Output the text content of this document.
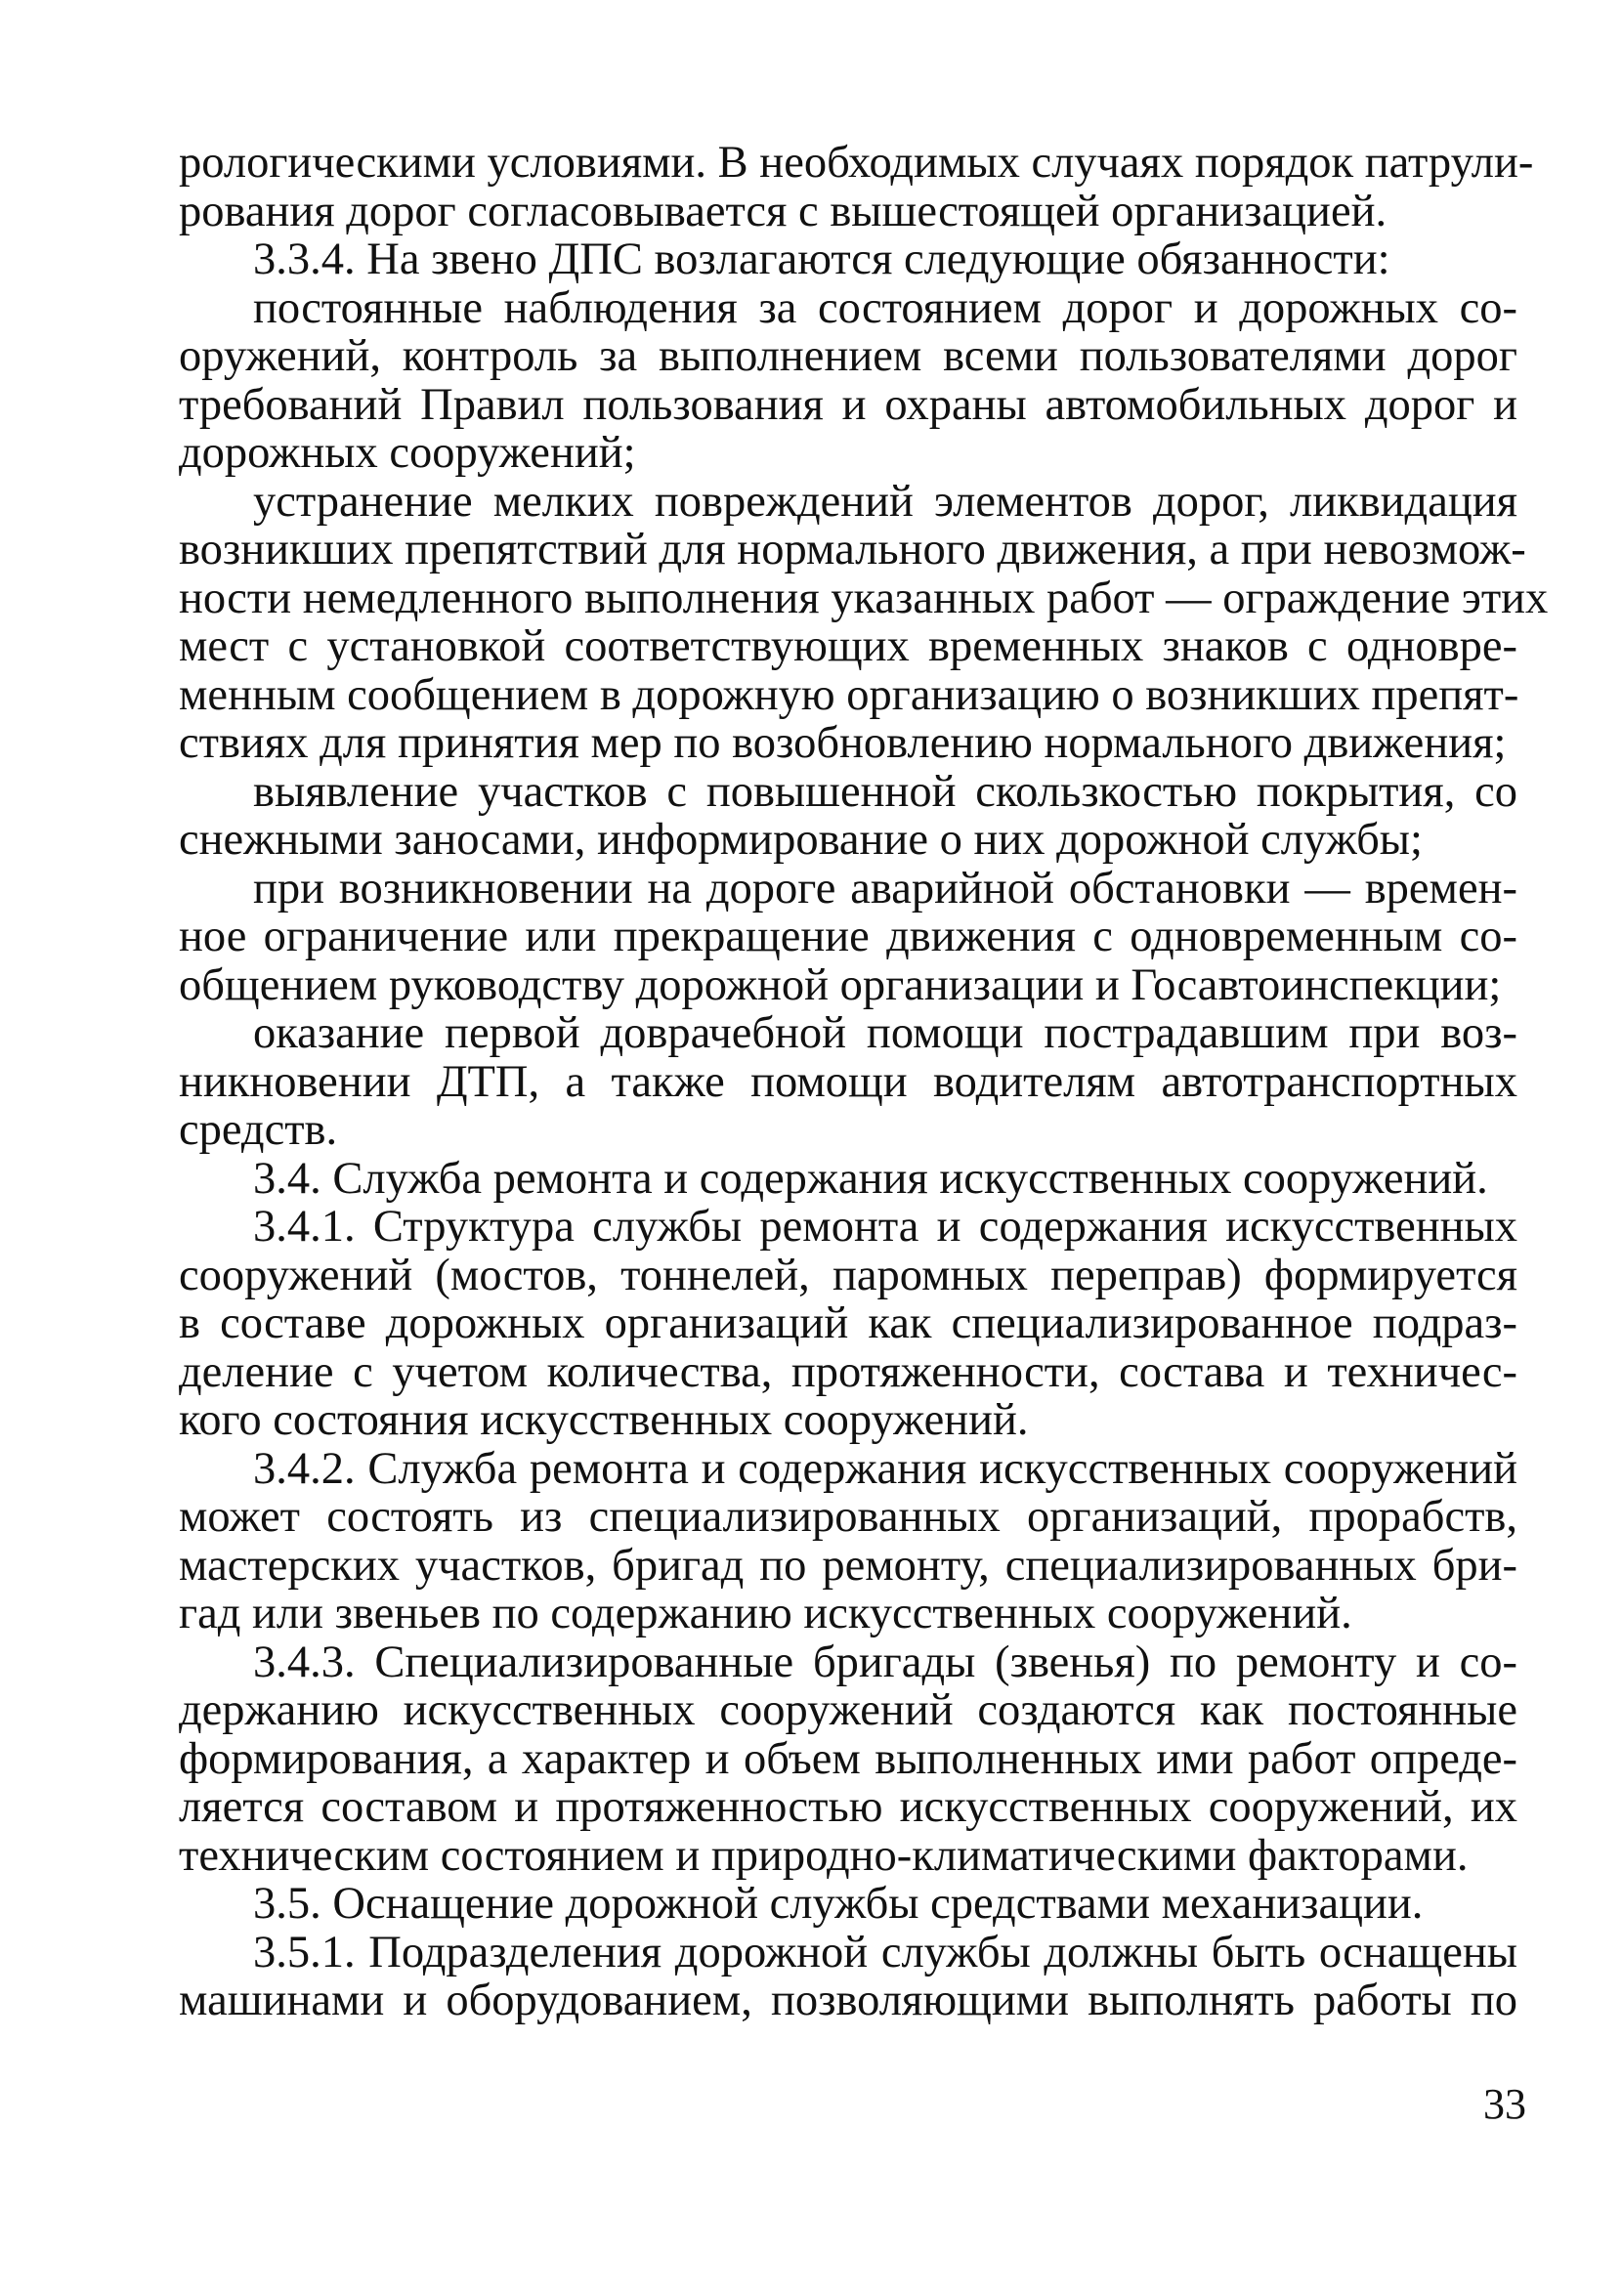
рологическими условиями. В необходимых случаях порядок патрули-
рования дорог согласовывается с вышестоящей организацией.
3.3.4. На звено ДПС возлагаются следующие обязанности:
постоянные наблюдения за состоянием дорог и дорожных со-
оружений, контроль за выполнением всеми пользователями дорог
требований Правил пользования и охраны автомобильных дорог и
дорожных сооружений;
устранение мелких повреждений элементов дорог, ликвидация
возникших препятствий для нормального движения, а при невозмож-
ности немедленного выполнения указанных работ — ограждение этих
мест с установкой соответствующих временных знаков с одновре-
менным сообщением в дорожную организацию о возникших препят-
ствиях для принятия мер по возобновлению нормального движения;
выявление участков с повышенной скользкостью покрытия, со
снежными заносами, информирование о них дорожной службы;
при возникновении на дороге аварийной обстановки — времен-
ное ограничение или прекращение движения с одновременным со-
общением руководству дорожной организации и Госавтоинспекции;
оказание первой доврачебной помощи пострадавшим при воз-
никновении ДТП, а также помощи водителям автотранспортных
средств.
3.4. Служба ремонта и содержания искусственных сооружений.
3.4.1. Структура службы ремонта и содержания искусственных
сооружений (мостов, тоннелей, паромных переправ) формируется
в составе дорожных организаций как специализированное подраз-
деление с учетом количества, протяженности, состава и техничес-
кого состояния искусственных сооружений.
3.4.2. Служба ремонта и содержания искусственных сооружений
может состоять из специализированных организаций, прорабств,
мастерских участков, бригад по ремонту, специализированных бри-
гад или звеньев по содержанию искусственных сооружений.
3.4.3. Специализированные бригады (звенья) по ремонту и со-
держанию искусственных сооружений создаются как постоянные
формирования, а характер и объем выполненных ими работ опреде-
ляется составом и протяженностью искусственных сооружений, их
техническим состоянием и природно-климатическими факторами.
3.5. Оснащение дорожной службы средствами механизации.
3.5.1. Подразделения дорожной службы должны быть оснащены
машинами и оборудованием, позволяющими выполнять работы по
33
